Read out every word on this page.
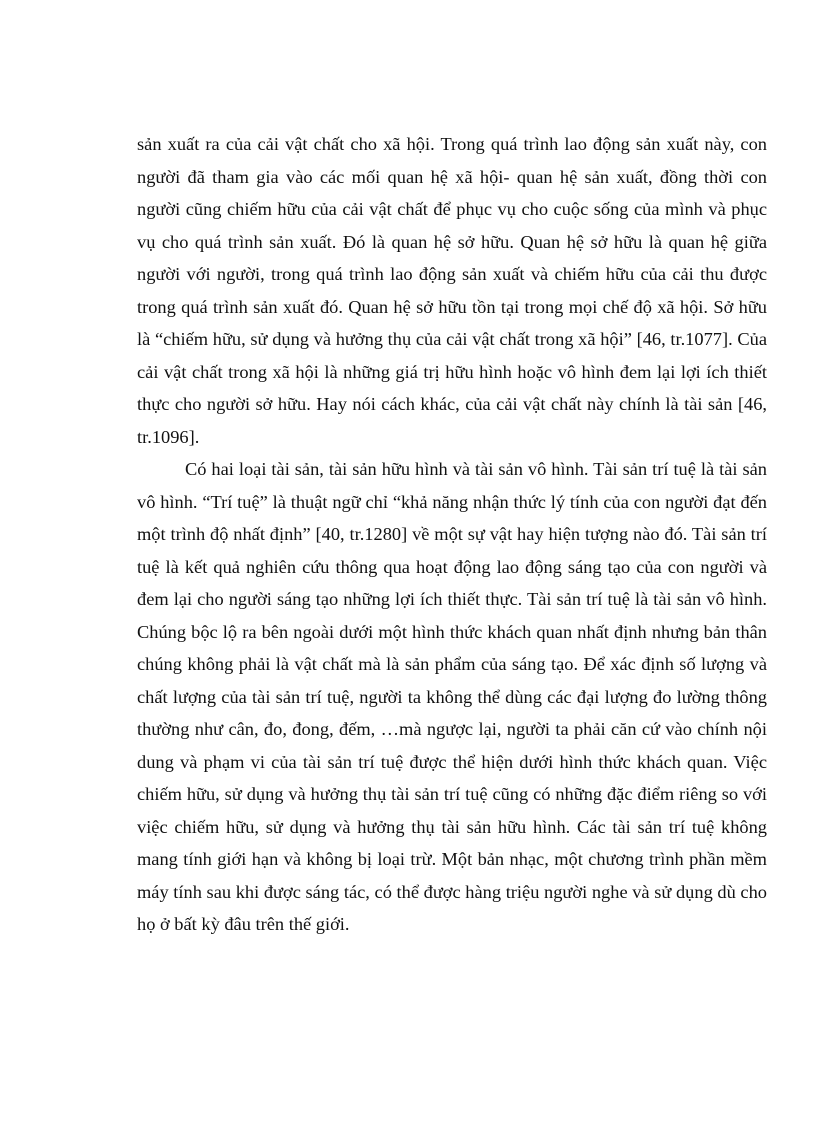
sản xuất ra của cải vật chất cho xã hội. Trong quá trình lao động sản xuất này, con người đã tham gia vào các mối quan hệ xã hội- quan hệ sản xuất, đồng thời con người cũng chiếm hữu của cải vật chất để phục vụ cho cuộc sống của mình và phục vụ cho quá trình sản xuất. Đó là quan hệ sở hữu. Quan hệ sở hữu là quan hệ giữa người với người, trong quá trình lao động sản xuất và chiếm hữu của cải thu được trong quá trình sản xuất đó. Quan hệ sở hữu tồn tại trong mọi chế độ xã hội. Sở hữu là “chiếm hữu, sử dụng và hưởng thụ của cải vật chất trong xã hội” [46, tr.1077]. Của cải vật chất trong xã hội là những giá trị hữu hình hoặc vô hình đem lại lợi ích thiết thực cho người sở hữu. Hay nói cách khác, của cải vật chất này chính là tài sản [46, tr.1096].

Có hai loại tài sản, tài sản hữu hình và tài sản vô hình. Tài sản trí tuệ là tài sản vô hình. “Trí tuệ” là thuật ngữ chỉ “khả năng nhận thức lý tính của con người đạt đến một trình độ nhất định” [40, tr.1280] về một sự vật hay hiện tượng nào đó. Tài sản trí tuệ là kết quả nghiên cứu thông qua hoạt động lao động sáng tạo của con người và đem lại cho người sáng tạo những lợi ích thiết thực. Tài sản trí tuệ là tài sản vô hình. Chúng bộc lộ ra bên ngoài dưới một hình thức khách quan nhất định nhưng bản thân chúng không phải là vật chất mà là sản phẩm của sáng tạo. Để xác định số lượng và chất lượng của tài sản trí tuệ, người ta không thể dùng các đại lượng đo lường thông thường như cân, đo, đong, đếm, …mà ngược lại, người ta phải căn cứ vào chính nội dung và phạm vi của tài sản trí tuệ được thể hiện dưới hình thức khách quan. Việc chiếm hữu, sử dụng và hưởng thụ tài sản trí tuệ cũng có những đặc điểm riêng so với việc chiếm hữu, sử dụng và hưởng thụ tài sản hữu hình. Các tài sản trí tuệ không mang tính giới hạn và không bị loại trừ. Một bản nhạc, một chương trình phần mềm máy tính sau khi được sáng tác, có thể được hàng triệu người nghe và sử dụng dù cho họ ở bất kỳ đâu trên thế giới.
